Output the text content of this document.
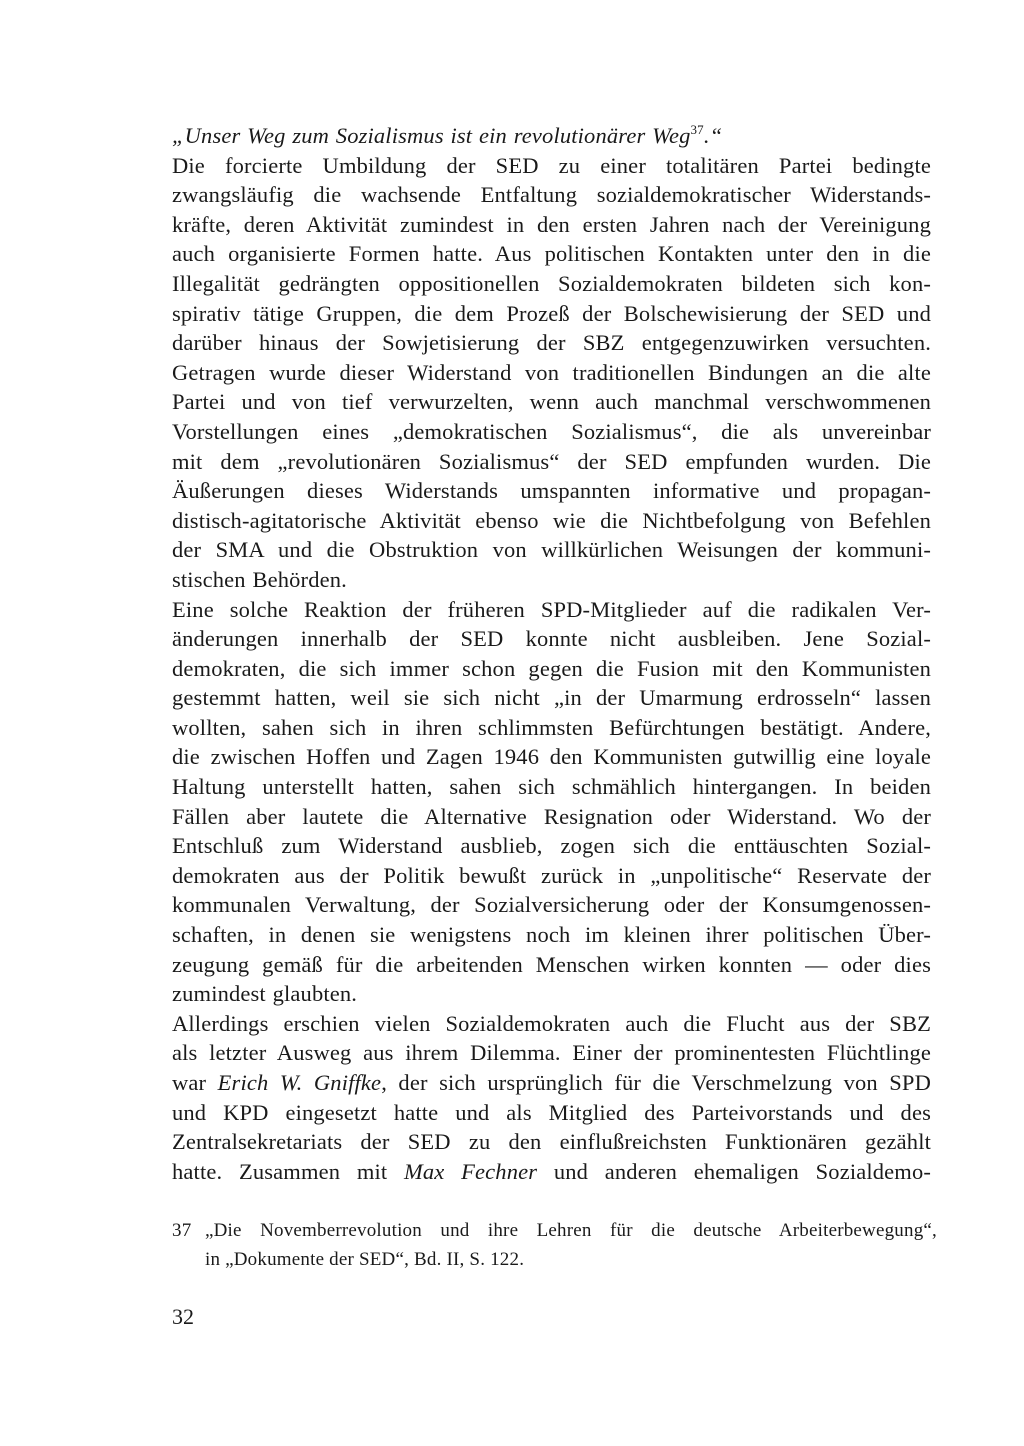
„Unser Weg zum Sozialismus ist ein revolutionärer Weg$^{37}$.“
Die forcierte Umbildung der SED zu einer totalitären Partei bedingte
zwangsläufig die wachsende Entfaltung sozialdemokratischer Widerstands-
kräfte, deren Aktivität zumindest in den ersten Jahren nach der Vereinigung
auch organisierte Formen hatte. Aus politischen Kontakten unter den in die
Illegalität gedrängten oppositionellen Sozialdemokraten bildeten sich kon-
spirativ tätige Gruppen, die dem Prozeß der Bolschewisierung der SED und
darüber hinaus der Sowjetisierung der SBZ entgegenzuwirken versuchten.
Getragen wurde dieser Widerstand von traditionellen Bindungen an die alte
Partei und von tief verwurzelten, wenn auch manchmal verschwommenen
Vorstellungen eines „demokratischen Sozialismus“, die als unvereinbar
mit dem „revolutionären Sozialismus“ der SED empfunden wurden. Die
Äußerungen dieses Widerstands umspannten informative und propagan-
distisch-agitatorische Aktivität ebenso wie die Nichtbefolgung von Befehlen
der SMA und die Obstruktion von willkürlichen Weisungen der kommuni-
stischen Behörden.
Eine solche Reaktion der früheren SPD-Mitglieder auf die radikalen Ver-
änderungen innerhalb der SED konnte nicht ausbleiben. Jene Sozial-
demokraten, die sich immer schon gegen die Fusion mit den Kommunisten
gestemmt hatten, weil sie sich nicht „in der Umarmung erdrosseln“ lassen
wollten, sahen sich in ihren schlimmsten Befürchtungen bestätigt. Andere,
die zwischen Hoffen und Zagen 1946 den Kommunisten gutwillig eine loyale
Haltung unterstellt hatten, sahen sich schmählich hintergangen. In beiden
Fällen aber lautete die Alternative Resignation oder Widerstand. Wo der
Entschluß zum Widerstand ausblieb, zogen sich die enttäuschten Sozial-
demokraten aus der Politik bewußt zurück in „unpolitische“ Reservate der
kommunalen Verwaltung, der Sozialversicherung oder der Konsumgenossen-
schaften, in denen sie wenigstens noch im kleinen ihrer politischen Über-
zeugung gemäß für die arbeitenden Menschen wirken konnten — oder dies
zumindest glaubten.
Allerdings erschien vielen Sozialdemokraten auch die Flucht aus der SBZ
als letzter Ausweg aus ihrem Dilemma. Einer der prominentesten Flüchtlinge
war Erich W. Gniffke, der sich ursprünglich für die Verschmelzung von SPD
und KPD eingesetzt hatte und als Mitglied des Parteivorstands und des
Zentralsekretariats der SED zu den einflußreichsten Funktionären gezählt
hatte. Zusammen mit Max Fechner und anderen ehemaligen Sozialdemo-
37 „Die Novemberrevolution und ihre Lehren für die deutsche Arbeiterbewegung“,
in „Dokumente der SED“, Bd. II, S. 122.
32
